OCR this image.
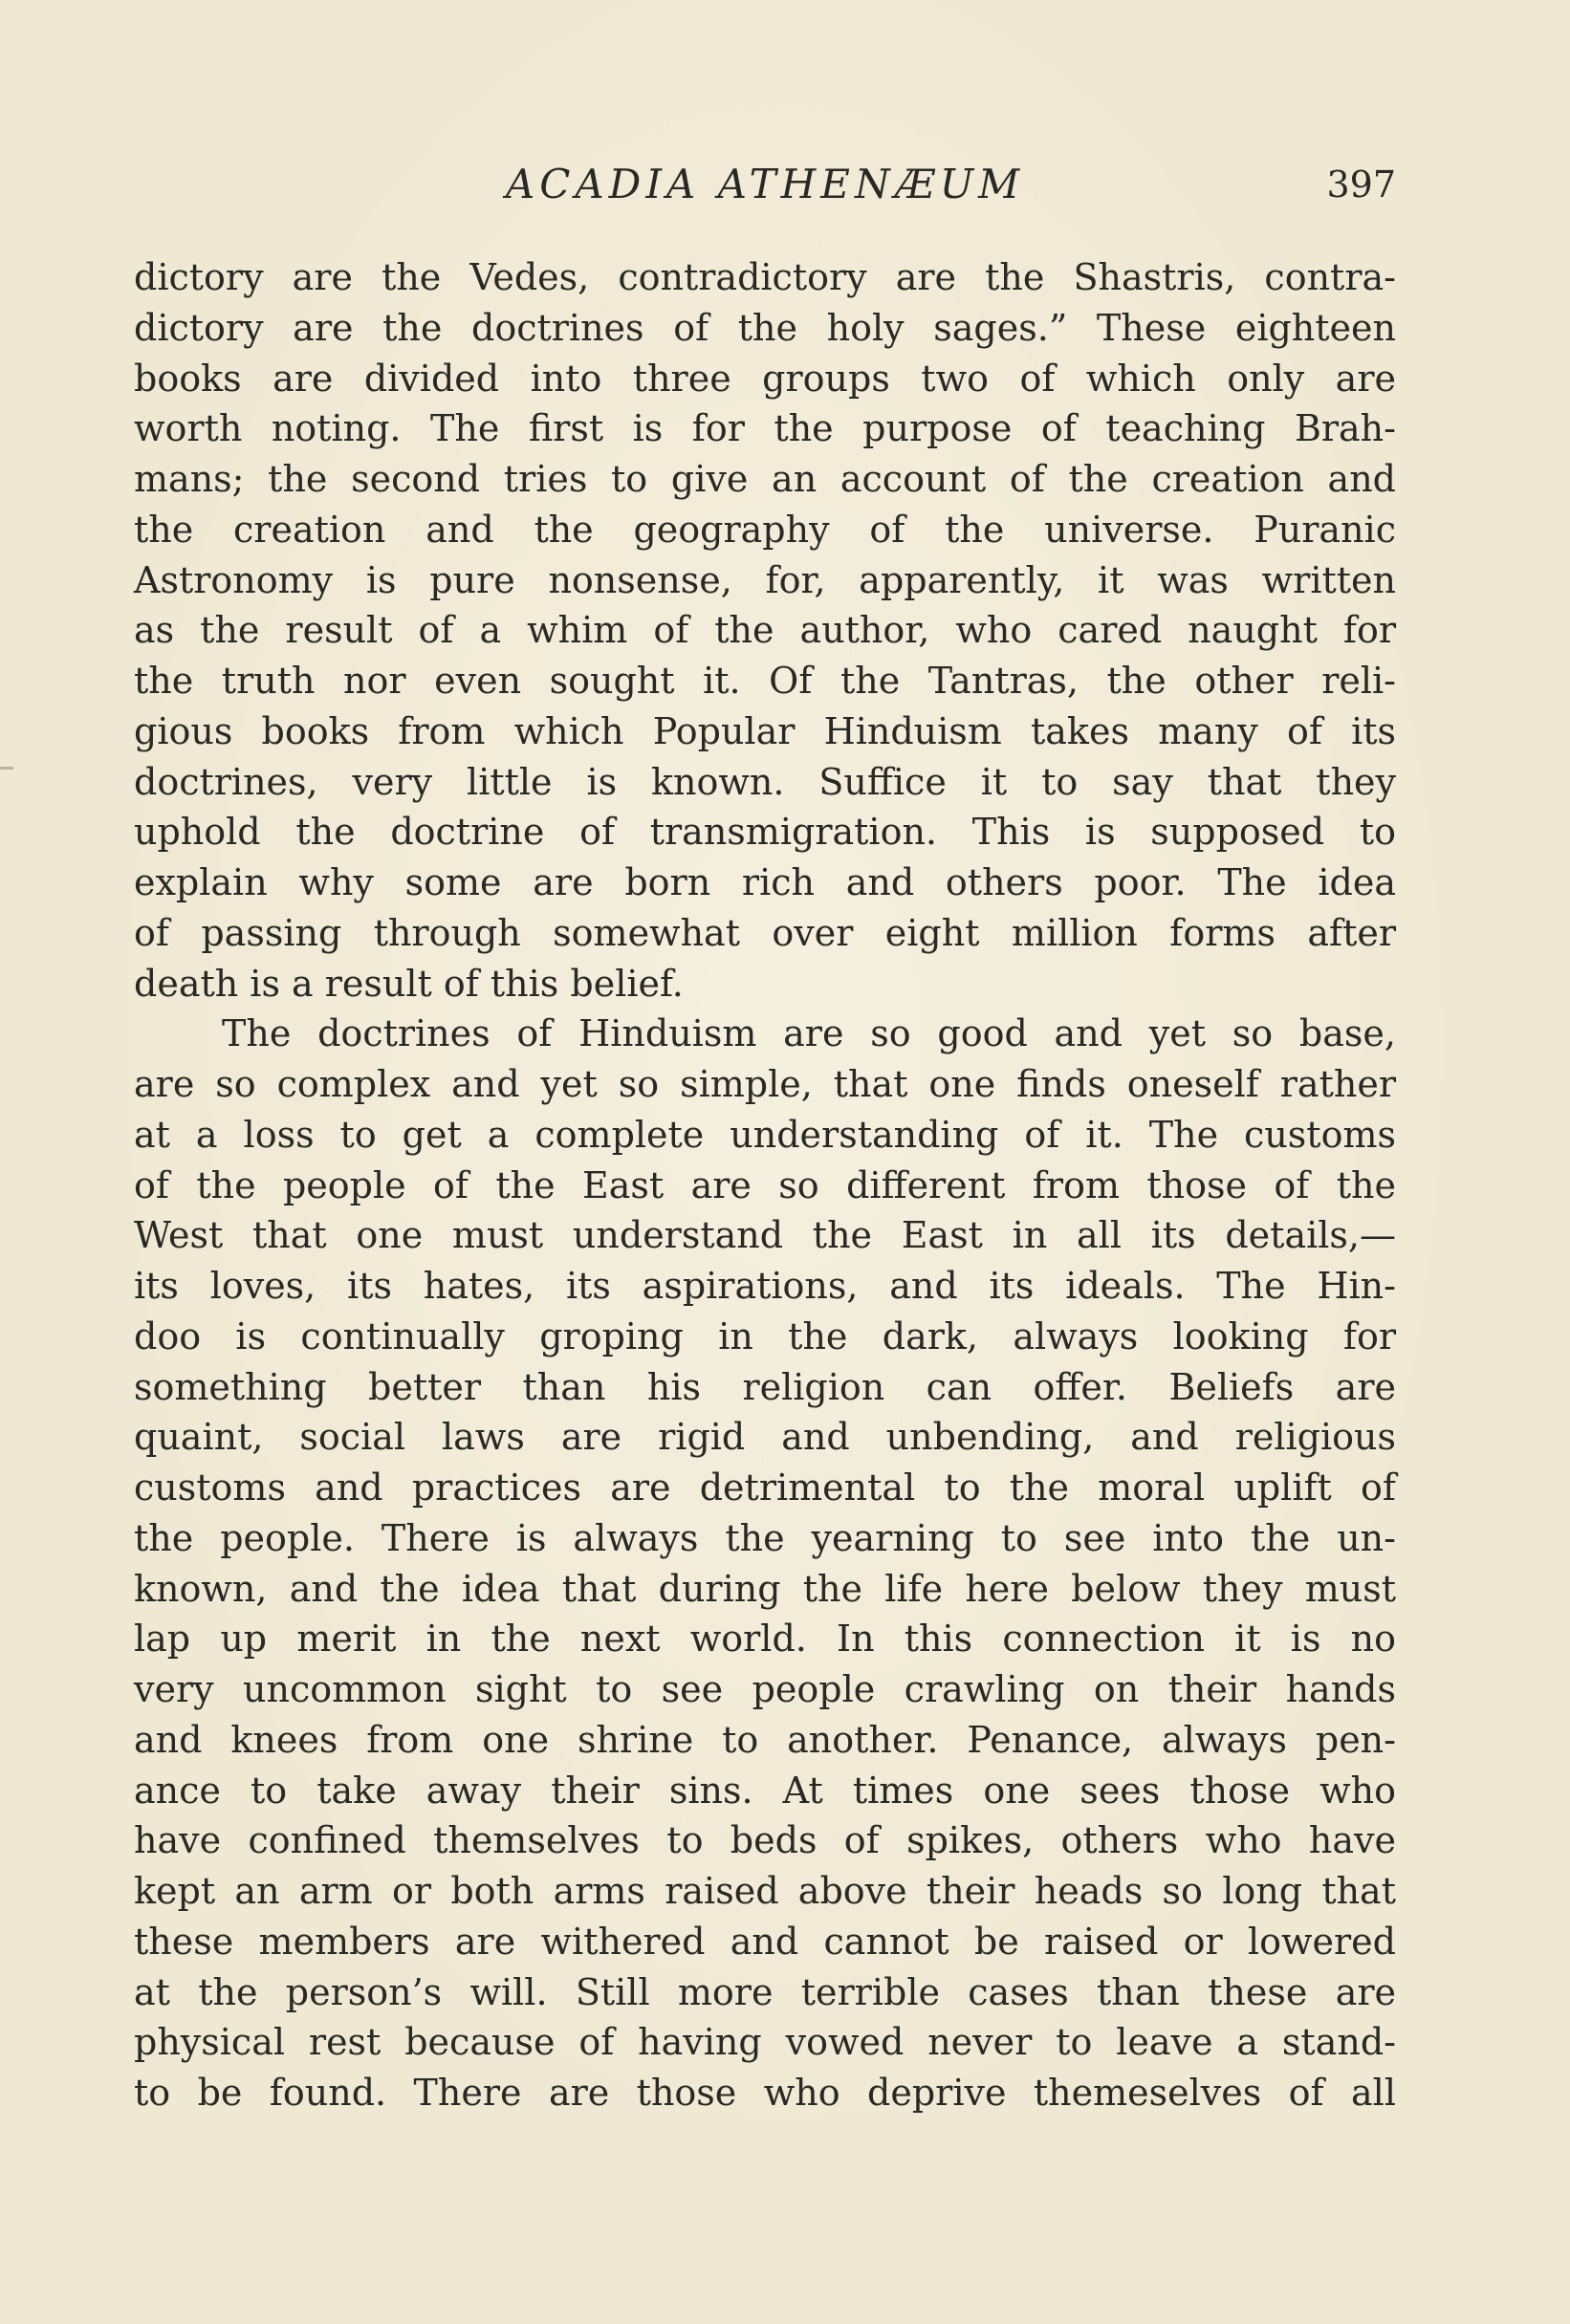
ACADIA ATHENÆUM	397
dictory are the Vedes, contradictory are the Shastris, contra-
dictory are the doctrines of the holy sages.” These eighteen
books are divided into three groups two of which only are
worth noting. The first is for the purpose of teaching Brah-
mans; the second tries to give an account of the creation and
the creation and the geography of the universe. Puranic
Astronomy is pure nonsense, for, apparently, it was written
as the result of a whim of the author, who cared naught for
the truth nor even sought it. Of the Tantras, the other reli-
gious books from which Popular Hinduism takes many of its
doctrines, very little is known. Suffice it to say that they
uphold the doctrine of transmigration. This is supposed to
explain why some are born rich and others poor. The idea
of passing through somewhat over eight million forms after
death is a result of this belief.
The doctrines of Hinduism are so good and yet so base,
are so complex and yet so simple, that one finds oneself rather
at a loss to get a complete understanding of it. The customs
of the people of the East are so different from those of the
West that one must understand the East in all its details,—
its loves, its hates, its aspirations, and its ideals. The Hin-
doo is continually groping in the dark, always looking for
something better than his religion can offer. Beliefs are
quaint, social laws are rigid and unbending, and religious
customs and practices are detrimental to the moral uplift of
the people. There is always the yearning to see into the un-
known, and the idea that during the life here below they must
lap up merit in the next world. In this connection it is no
very uncommon sight to see people crawling on their hands
and knees from one shrine to another. Penance, always pen-
ance to take away their sins. At times one sees those who
have confined themselves to beds of spikes, others who have
kept an arm or both arms raised above their heads so long that
these members are withered and cannot be raised or lowered
at the person’s will. Still more terrible cases than these are
physical rest because of having vowed never to leave a stand-
to be found. There are those who deprive themeselves of all
